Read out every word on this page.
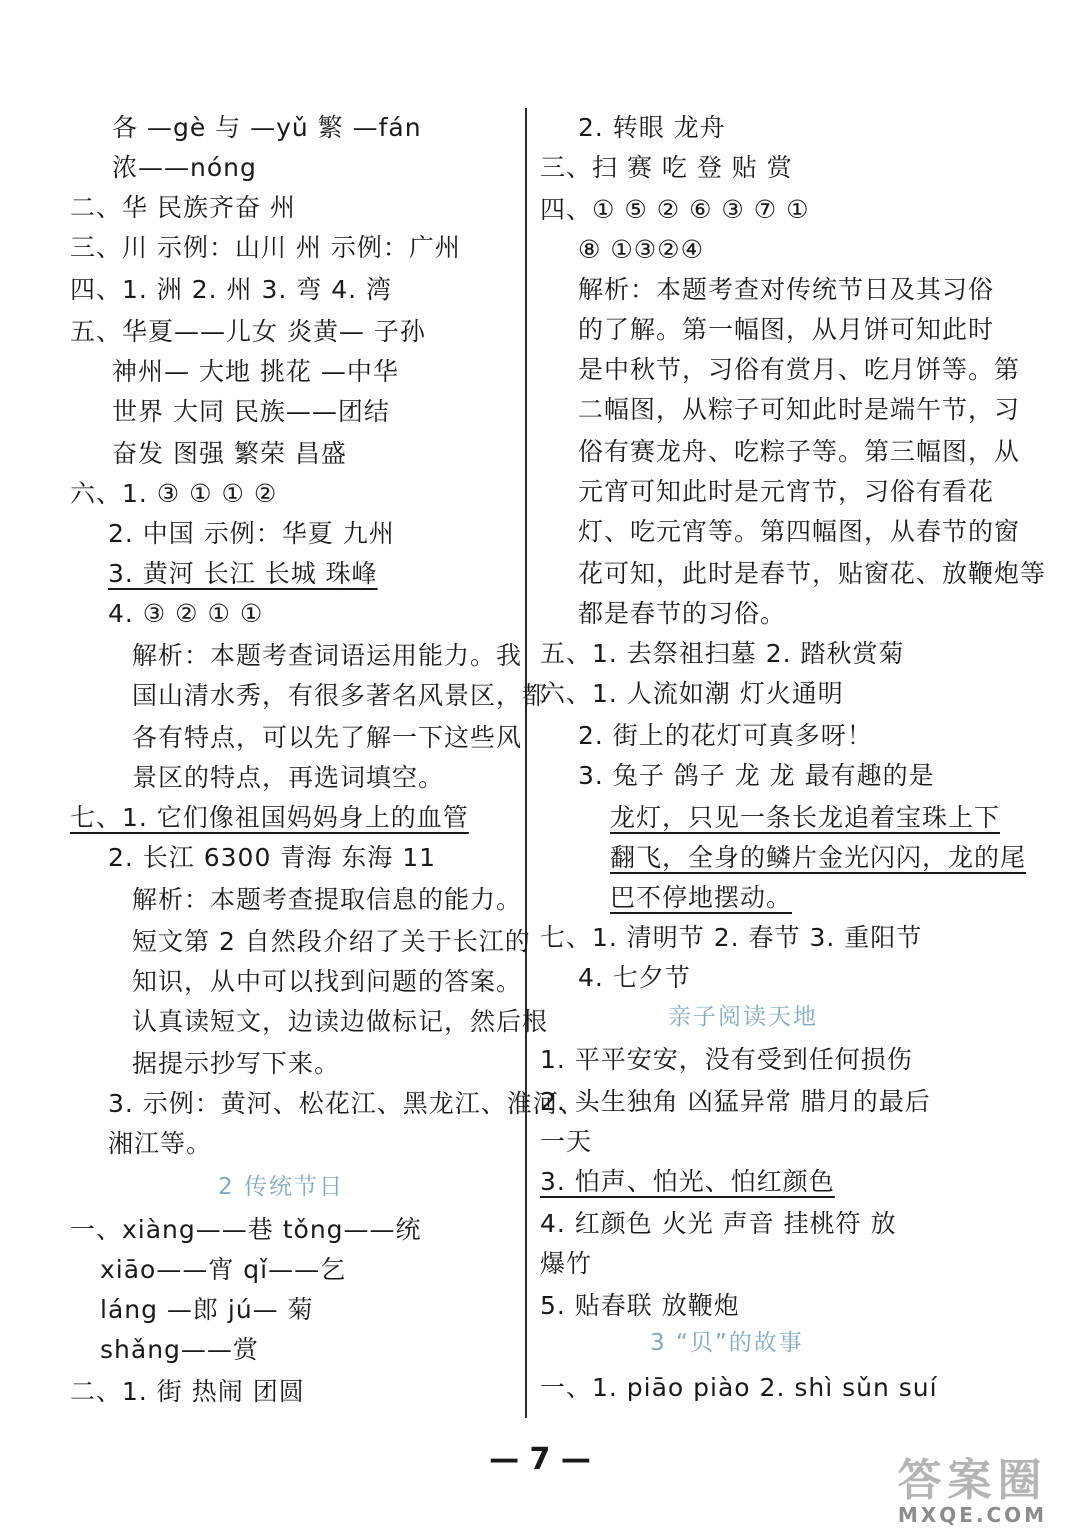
各 —gè 与 —yǔ 繁 —fán
浓——nóng
二、华 民族齐奋 州
三、川 示例：山川 州 示例：广州
四、1. 洲 2. 州 3. 弯 4. 湾
五、华夏——儿女 炎黄— 子孙
神州— 大地 挑花 —中华
世界 大同 民族——团结
奋发 图强 繁荣 昌盛
六、1. ③ ① ① ②
2. 中国 示例：华夏 九州
3. 黄河 长江 长城 珠峰
4. ③ ② ① ①
解析：本题考查词语运用能力。我
国山清水秀，有很多著名风景区，都
各有特点，可以先了解一下这些风
景区的特点，再选词填空。
七、1. 它们像祖国妈妈身上的血管
2. 长江 6300 青海 东海 11
解析：本题考查提取信息的能力。
短文第 2 自然段介绍了关于长江的
知识，从中可以找到问题的答案。
认真读短文，边读边做标记，然后根
据提示抄写下来。
3. 示例：黄河、松花江、黑龙江、淮河、
湘江等。
2 传统节日
一、xiàng——巷 tǒng——统
xiāo——宵 qǐ——乞
láng —郎 jú— 菊
shǎng——赏
二、1. 街 热闹 团圆
2. 转眼 龙舟
三、扫 赛 吃 登 贴 赏
四、① ⑤ ② ⑥ ③ ⑦ ①
⑧ ①③②④
解析：本题考查对传统节日及其习俗
的了解。第一幅图，从月饼可知此时
是中秋节，习俗有赏月、吃月饼等。第
二幅图，从粽子可知此时是端午节，习
俗有赛龙舟、吃粽子等。第三幅图，从
元宵可知此时是元宵节，习俗有看花
灯、吃元宵等。第四幅图，从春节的窗
花可知，此时是春节，贴窗花、放鞭炮等
都是春节的习俗。
五、1. 去祭祖扫墓 2. 踏秋赏菊
六、1. 人流如潮 灯火通明
2. 街上的花灯可真多呀！
3. 兔子 鸽子 龙 龙 最有趣的是
龙灯，只见一条长龙追着宝珠上下
翻飞，全身的鳞片金光闪闪，龙的尾
巴不停地摆动。
七、1. 清明节 2. 春节 3. 重阳节
4. 七夕节
亲子阅读天地
1. 平平安安，没有受到任何损伤
2. 头生独角 凶猛异常 腊月的最后
一天
3. 怕声、怕光、怕红颜色
4. 红颜色 火光 声音 挂桃符 放
爆竹
5. 贴春联 放鞭炮
3 “贝”的故事
一、1. piāo piào 2. shì sǔn suí
— 7 —	答案圈
MXQE.COM
